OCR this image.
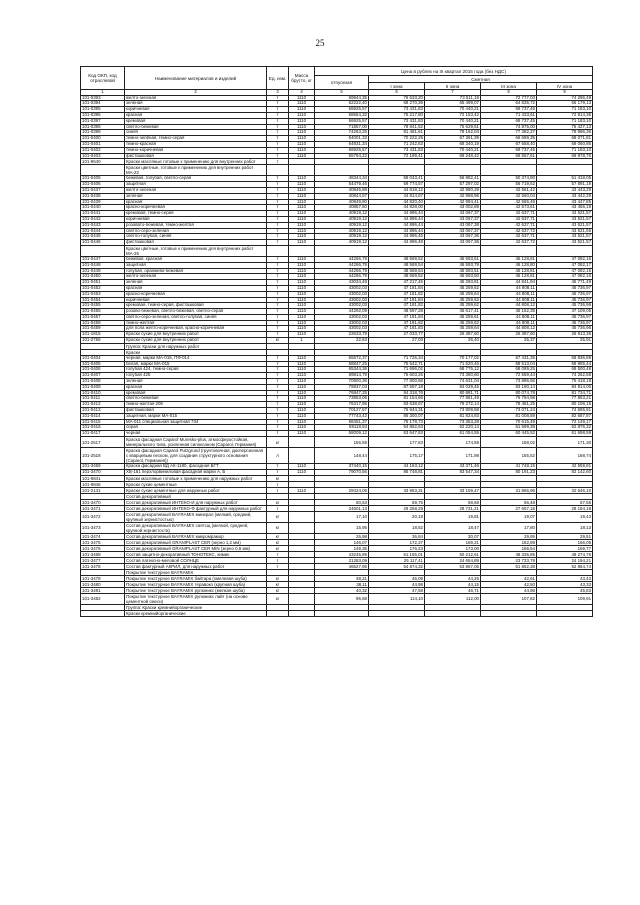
25
Код ОКП, код отраслевой	Наименование материалов и изделий	Ед. изм.	Масса брутто, кг	Цена в рублях на III квартал 2016 года (без НДС)				
				отпускная	Сметная			
					I зона	II зона	III зона	IV зона
1	2	3	4	5	6	7	8	9
101-0393	желто-зеленая	т	1110	69944,35	76 633,20	73 511,19	72 777,03	74 286,49
101-0394	зеленая	т	1110	62222,40	68 270,39	65 499,07	64 835,72	66 179,13
101-0395	коричневая	т	1110	66925,57	73 431,83	70 440,21	69 737,45	71 183,10
101-0396	красная	т	1110	68554,32	75 217,80	72 153,42	71 433,61	72 914,35
101-0397	кремовая	т	1110	66925,57	73 431,83	70 440,21	69 737,45	71 183,10
101-0398	светло-бежевая	т	1110	71857,00	78 841,52	75 629,51	74 875,00	76 427,13
101-0399	синяя	т	1110	74263,25	81 481,61	78 162,04	77 382,27	78 986,36
101-0400	темно-зелёная, темно-серая	т	1110	64001,33	70 222,25	67 361,39	66 689,35	68 071,81
101-0401	темно-красная	т	1110	64931,34	71 242,63	68 340,19	67 658,40	69 060,95
101-0402	темно-коричневая	т	1110	66925,57	73 431,83	70 440,21	69 737,45	71 183,10
101-0403	фисташковая	т	1110	65794,22	72 189,41	69 248,42	68 557,61	69 978,76
101-9640	Краски масляные готовые к применению для внутренних работ	т						
	Краски цветные, готовые к применению для внутренних работ МА-22							
101-0405	бежевая, голубая, светло-серая	т	1110	48344,34	59 043,41	56 882,41	50 374,80	51 418,05
101-0406	защитная	т	1110	54479,46	59 774,57	57 297,02	56 719,52	57 891,19
101-0437	желто-зеленая	т	1110	40845,88	44 818,12	42 980,29	42 561,42	43 443,29
101-0438	зеленая	т	1110	40844,57	44 814,67	42 988,95	42 560,04	43 442,29
101-0439	красная	т	1110	40849,80	44 820,40	42 994,41	42 565,48	43 447,85
101-0440	красно-коричневая	т	1110	40857,60	44 828,00	43 002,89	42 573,61	43 456,19
101-0441	кремовая, темно-серая	т	1110	40919,12	44 896,44	43 067,37	42 637,71	43 521,57
101-0442	коричневая	т	1110	40919,12	44 896,44	43 067,37	42 637,71	43 521,57
101-0443	розовато-бежевая, темно-желтая	т	1110	40919,12	44 896,44	43 067,38	42 637,71	43 521,57
101-0444	светло-серо-зеленая	т	1110	40919,12	44 896,44	43 067,37	42 637,72	43 521,56
101-0445	светло-голубая, синяя	т	1110	40919,12	44 896,45	43 067,36	42 637,71	43 521,57
101-0446	фисташковая	т	1110	40919,12	44 896,48	43 067,36	42 637,72	43 521,57
	Краски цветные, готовые к применению для внутренних работ МА-25							
101-0447	бежевая, красная	т	1110	44266,79	48 569,52	45 593,51	45 128,81	47 082,16
101-0448	защитная	т	1110	44266,79	48 569,54	46 593,78	46 128,80	47 082,17
101-0449	голубая, оранжево-бежевая	т	1110	44266,79	48 569,54	46 593,51	46 128,81	47 082,16
101-0450	желто-зеленая	т	1110	44266,79	48 569,52	46 593,50	46 128,81	47 082,16
101-0451	зеленая	т	1110	43034,48	47 217,45	45 293,81	44 841,94	45 771,49
101-0452	красная	т	1110	43002,03	47 181,84	45 259,62	44 808,11	45 736,97
101-0453	красно-коричневая	т	1110	43002,03	47 181,82	45 259,64	44 808,11	45 736,97
101-0454	коричневая	т	1110	43002,03	47 181,84	45 259,62	44 808,11	45 736,97
101-0455	кремовая, темно-серая, фисташковая	т	1110	43002,03	47 181,82	45 259,62	44 808,12	45 736,96
101-0456	розово-бежевая, светло-бежевая, светло-серая	т	1110	44292,09	48 597,28	46 617,41	46 152,35	47 109,05
101-0457	светло-серо-зеленая, светло-голубая, синяя	т	1110	43002,03	47 181,84	45 259,61	44 808,11	45 736,97
101-0458	темно-желтая	т	1110	43002,03	47 181,82	45 259,62	44 808,11	45 736,97
101-0459	для пола желто-коричневая, красно-коричневая	т	1110	43002,03	47 181,83	45 259,64	44 808,12	45 736,95
101-1815	Краски сухие для внутренних работ	т	1110	22633,79	27 033,77	26 387,60	26 387,60	25 913,36
101-2756	Краски сухие для внутренних работ	кг	1	22,63	27,03	26,40	25,37	25,91
	Группа: Краски для наружных работ							
	Краски							
101-0404	черная, марки МА-015, ПФ-014	т	1110	65572,37	71 726,34	70 177,02	67 431,35	68 836,89
101-0405	белая, марки МА-015	т	1110	68847,25	75 542,71	71 520,45	69 513,04	69 865,44
101-0406	голубая 424, темно-серая	т	1110	65344,36	71 696,02	68 775,12	68 089,25	69 500,48
101-0407	голубая 425	т	1110	69814,79	76 603,26	73 380,60	72 559,44	74 262,58
101-0408	зеленая	т	1110	70900,36	77 800,68	74 631,04	73 886,56	75 418,18
101-0409	красная	т	1110	79837,03	87 597,18	84 029,45	83 190,14	84 914,06
101-0410	кремовая	т	1110	76847,25	84 318,76	80 881,71	80 074,78	81 734,71
101-0411	светло-бежевая	т	1110	73953,06	81 154,66	77 851,49	76 794,98	77 853,21
101-0412	темно-желтая 209	т	1110	76317,95	83 638,67	79 272,14	78 481,25	80 108,15
101-0413	фисташковая	т	1110	70127,67	76 944,31	73 809,58	73 071,24	74 585,91
101-0414	защитная, марки МА-015	т	1110	77743,42	85 300,07	81 824,93	81 008,59	82 687,87
101-0415	МА-011 специальная защитная 734	т	1110	68451,37	75 178,73	73 353,28	70 615,49	72 149,17
101-0416	серая	т	1110	59118,53	64 862,63	62 220,14	61 599,39	62 876,32
101-0417	черная	т	1110	58009,12	63 647,63	61 054,55	60 445,52	61 698,59
101-2517	Краска фасадная Caparol Muresko-plus, атмосферостойкая, минерального типа, усиленная силоксаном (Caparol, Германия)	кг		156,59	177,83	174,59	168,02	171,30
101-2518	Краска фасадная Caparol Putzgrund (грунтовочная, дисперсионная с кварцевым песком, для создания структурного основания (Caparol, Германия))	л		148,44	175,17	171,98	165,52	168,74
101-3469	Краска фасадная ВД АК-1180, фасадная БГТ	т	1110	37440,15	44 163,12	43 371,46	41 748,15	42 559,81
101-3470	ХВ-161 перхлорвиниловая фасадная марки А, Б	т	1110	79070,56	86 748,81	83 547,34	80 191,23	82 142,60
101-9841	Краски масляные готовые к применению для наружных работ	кг						
101-9846	Краски сухие цементные	т						
101-2141	Краски сухие цементные для наружных работ	т	1110	29424,05	33 953,31	33 159,47	31 866,96	32 546,10
	Состав декоративный							
101-3470	Состав декоративный ИНТЕКО-И для наружных работ	кг		50,63	59,75	58,68	56,48	57,55
101-3471	Состав декоративный ИНТЕКО-Ф фактурный для наружных работ	т		24601,13	29 268,29	28 731,21	27 657,15	28 194,18
101-3472	Состав декоративный BAYRAMIX минерал (мелкий, средний, крупный зернистостью)	кг		17,10	20,18	19,81	19,07	19,43
101-3473	Состав декоративный BAYRAMIX саятсщ (мелкой, средней, крупной зернистости)	кг		15,95	18,82	18,47	17,80	18,13
101-3474	Состав декоративный BAYRAMIX микромрамор	кг		26,98	36,84	30,07	29,95	29,51
101-3475	Состав декоративный GRANIPLAST CER (зерно 1,2 мм)	кг		146,07	172,37	169,21	162,89	166,05
101-3476	Состав декоративный GRANIPLAST CER MIN (зерно 0,9 мм)	кг		149,35	176,23	173,00	166,54	169,77
101-3468	Состав защитно-декоративный ТОНОТЕКС, химик	т		43245,89	51 155,01	50 212,61	48 336,85	49 274,76
101-3477	Состав латексно-меловой СОЛНЦЕ	т		21283,09	25 117,41	24 654,89	23 733,78	24 194,21
101-3478	Состав фактурный АКРИЛ, для наружных работ	т		46527,95	54 874,32	53 867,05	51 852,38	52 864,74
	Покрытие текстурное BAYRAMIX							
101-3479	Покрытие текстурное BAYRAMIX байтара (хмелевая шуба)	кг		38,21	45,09	44,26	42,61	43,43
101-3480	Покрытие текстурное BAYRAMIX теравоко (крупная шуба)	кг		38,11	44,98	44,15	42,50	43,33
101-3481	Покрытие текстурное BAYRAMIX рулюникс (мелкая шуба)	кг		40,32	47,58	46,71	44,96	45,83
101-3482	Покрытие текстурное BAYRAMIX рулюникс лайт (на основе цементной смеси)	кг		96,68	114,10	112,00	107,82	109,91
	Группа: Краски кремнийорганические							
	Краски кремнийорганические							
